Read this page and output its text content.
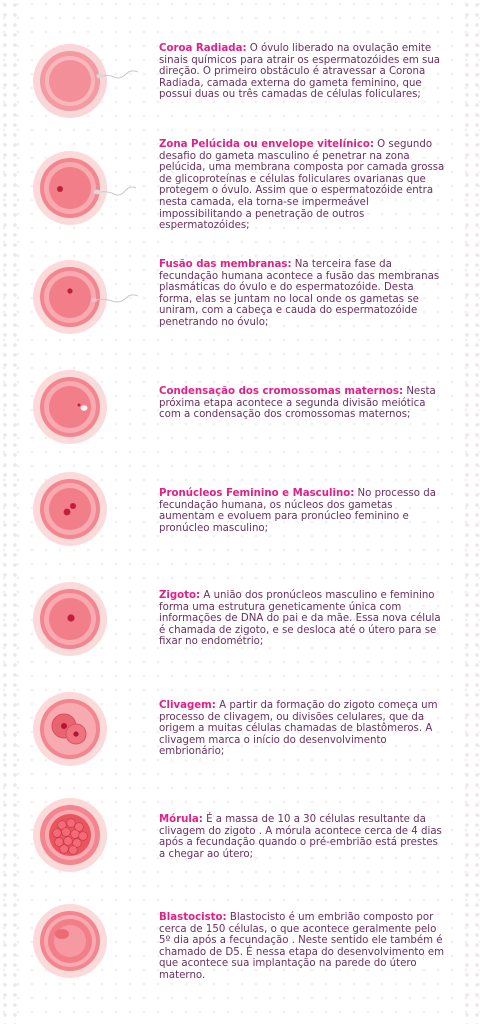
Coroa Radiada: O óvulo liberado na ovulação emite sinais químicos para atrair os espermatozóides em sua direção. O primeiro obstáculo é atravessar a Corona Radiada, camada externa do gameta feminino, que possui duas ou três camadas de células foliculares;
Zona Pelúcida ou envelope vitelínico: O segundo desafio do gameta masculino é penetrar na zona pelúcida, uma membrana composta por camada grossa de glicoproteínas e células foliculares ovarianas que protegem o óvulo. Assim que o espermatozóide entra nesta camada, ela torna-se impermeável impossibilitando a penetração de outros espermatozóides;
Fusão das membranas: Na terceira fase da fecundação humana acontece a fusão das membranas plasmáticas do óvulo e do espermatozóide. Desta forma, elas se juntam no local onde os gametas se uniram, com a cabeça e cauda do espermatozóide penetrando no óvulo;
Condensação dos cromossomas maternos: Nesta próxima etapa acontece a segunda divisão meiótica com a condensação dos cromossomas maternos;
Pronúcleos Feminino e Masculino: No processo da fecundação humana, os núcleos dos gametas aumentam e evoluem para pronúcleo feminino e pronúcleo masculino;
Zigoto: A união dos pronúcleos masculino e feminino forma uma estrutura geneticamente única com informações de DNA do pai e da mãe. Essa nova célula é chamada de zigoto, e se desloca até o útero para se fixar no endométrio;
Clivagem: A partir da formação do zigoto começa um processo de clivagem, ou divisões celulares, que da origem a muitas células chamadas de blastômeros. A clivagem marca o início do desenvolvimento embrionário;
Mórula: É a massa de 10 a 30 células resultante da clivagem do zigoto . A mórula acontece cerca de 4 dias após a fecundação quando o pré-embrião está prestes a chegar ao útero;
Blastocisto: Blastocisto é um embrião composto por cerca de 150 células, o que acontece geralmente pelo 5º dia após a fecundação . Neste sentido ele também é chamado de D5. É nessa etapa do desenvolvimento em que acontece sua implantação na parede do útero materno.
